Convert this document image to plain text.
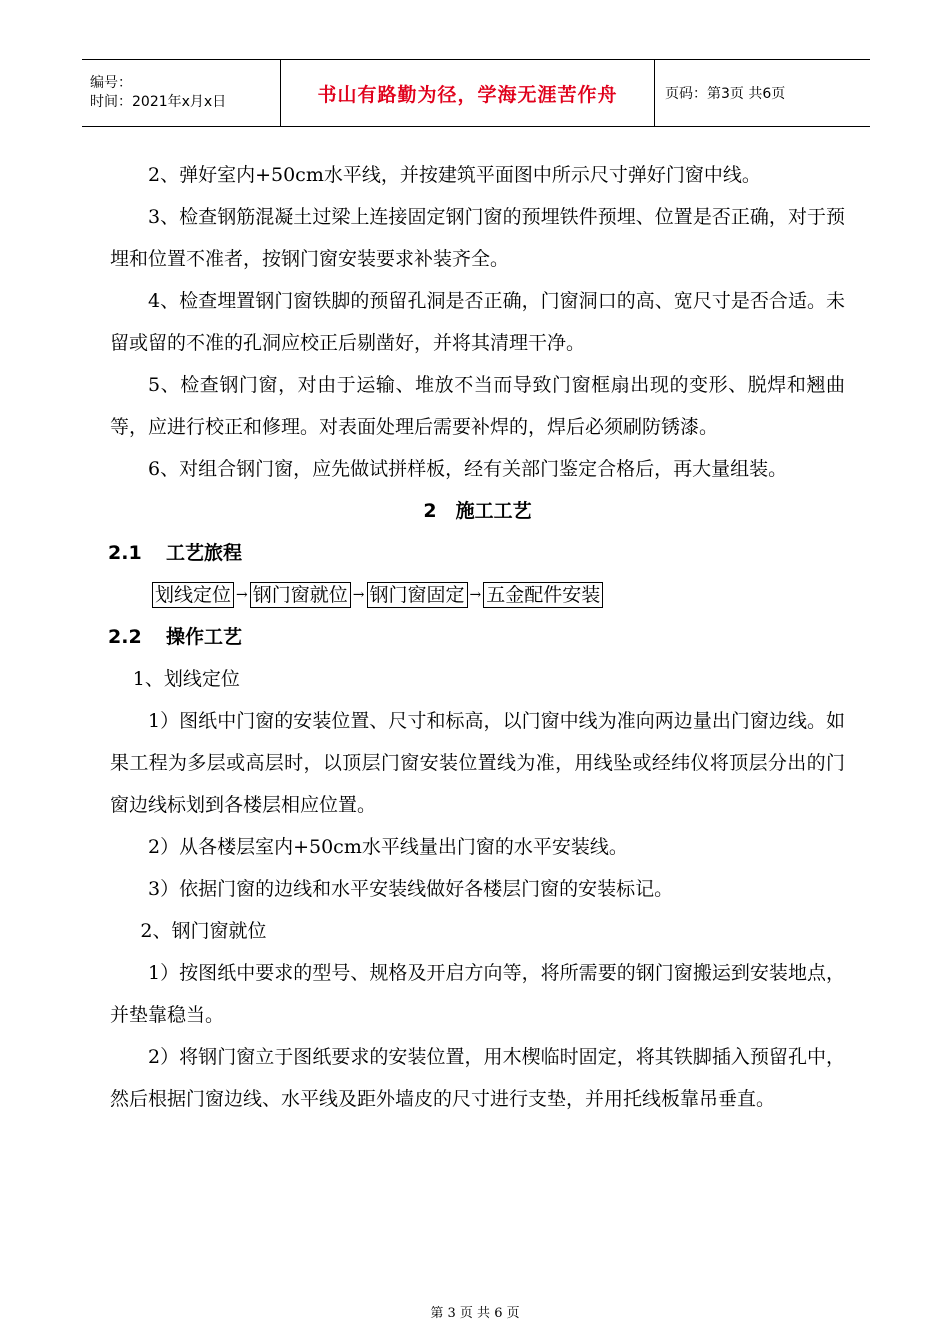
编号：
时间：2021年x月x日	书山有路勤为径，学海无涯苦作舟	页码：第3页 共6页

2、弹好室内+50cm水平线，并按建筑平面图中所示尺寸弹好门窗中线。

3、检查钢筋混凝土过梁上连接固定钢门窗的预埋铁件预埋、位置是否正确，对于预埋和位置不准者，按钢门窗安装要求补装齐全。

4、检查埋置钢门窗铁脚的预留孔洞是否正确，门窗洞口的高、宽尺寸是否合适。未留或留的不准的孔洞应校正后剔凿好，并将其清理干净。

5、检查钢门窗，对由于运输、堆放不当而导致门窗框扇出现的变形、脱焊和翘曲等，应进行校正和修理。对表面处理后需要补焊的，焊后必须刷防锈漆。

6、对组合钢门窗，应先做试拼样板，经有关部门鉴定合格后，再大量组装。

2　施工工艺
2.1 工艺旅程
划线定位 → 钢门窗就位 → 钢门窗固定 → 五金配件安装
2.2 操作工艺

1、划线定位

1）图纸中门窗的安装位置、尺寸和标高，以门窗中线为准向两边量出门窗边线。如果工程为多层或高层时，以顶层门窗安装位置线为准，用线坠或经纬仪将顶层分出的门窗边线标划到各楼层相应位置。

2）从各楼层室内+50cm水平线量出门窗的水平安装线。

3）依据门窗的边线和水平安装线做好各楼层门窗的安装标记。

2、钢门窗就位

1）按图纸中要求的型号、规格及开启方向等，将所需要的钢门窗搬运到安装地点，并垫靠稳当。

2）将钢门窗立于图纸要求的安装位置，用木楔临时固定，将其铁脚插入预留孔中，然后根据门窗边线、水平线及距外墙皮的尺寸进行支垫，并用托线板靠吊垂直。

第 3 页 共 6 页
